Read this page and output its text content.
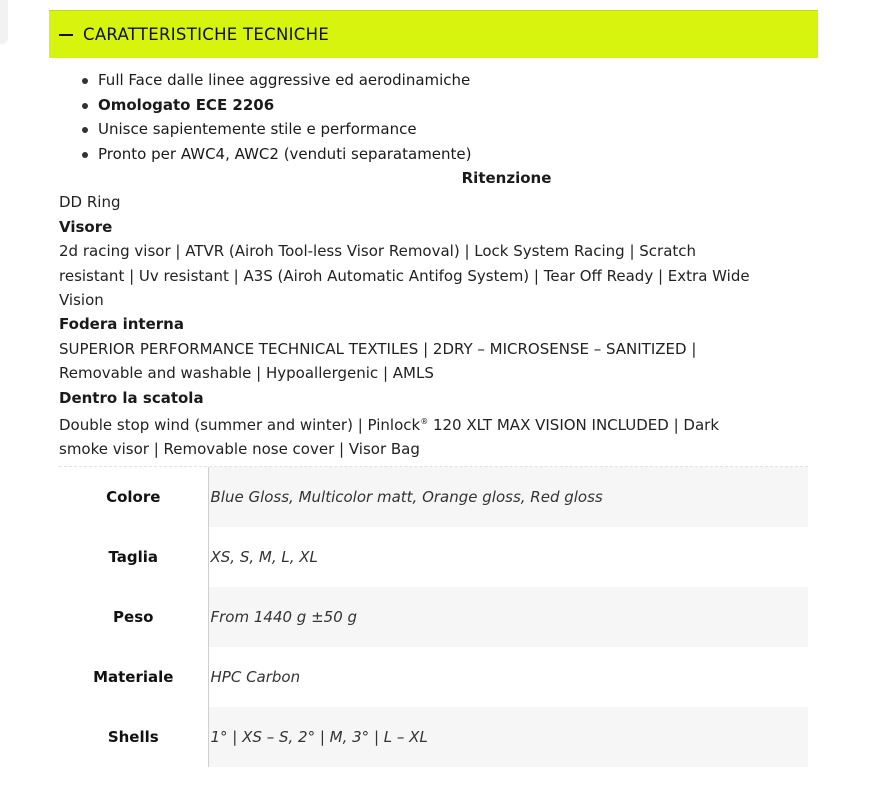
CARATTERISTICHE TECNICHE
Full Face dalle linee aggressive ed aerodinamiche
Omologato ECE 2206
Unisce sapientemente stile e performance
Pronto per AWC4, AWC2 (venduti separatamente)
Ritenzione
DD Ring
Visore
2d racing visor | ATVR (Airoh Tool-less Visor Removal) | Lock System Racing | Scratch
resistant | Uv resistant | A3S (Airoh Automatic Antifog System) | Tear Off Ready | Extra Wide
Vision
Fodera interna
SUPERIOR PERFORMANCE TECHNICAL TEXTILES | 2DRY – MICROSENSE – SANITIZED |
Removable and washable | Hypoallergenic | AMLS
Dentro la scatola
Double stop wind (summer and winter) | Pinlock® 120 XLT MAX VISION INCLUDED | Dark
smoke visor | Removable nose cover | Visor Bag
Colore	Blue Gloss, Multicolor matt, Orange gloss, Red gloss
Taglia	XS, S, M, L, XL
Peso	From 1440 g ±50 g
Materiale	HPC Carbon
Shells	1° | XS – S, 2° | M, 3° | L – XL
